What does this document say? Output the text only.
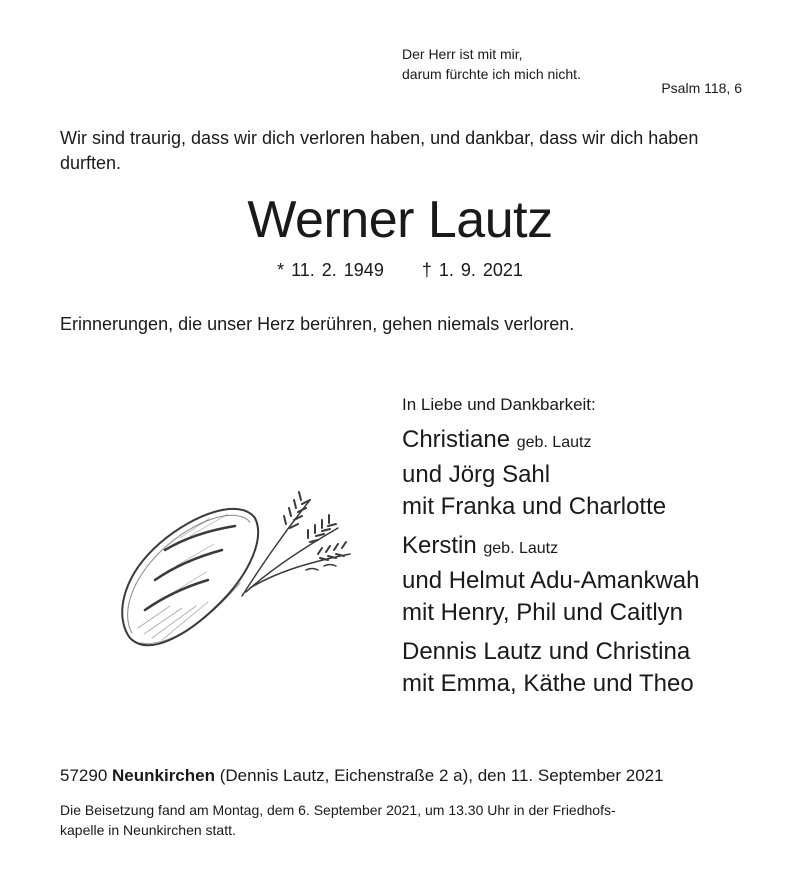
Der Herr ist mit mir,
darum fürchte ich mich nicht.
Psalm 118, 6
Wir sind traurig, dass wir dich verloren haben, und dankbar, dass wir dich haben durften.
Werner Lautz
* 11. 2. 1949 † 1. 9. 2021
Erinnerungen, die unser Herz berühren, gehen niemals verloren.
In Liebe und Dankbarkeit:
Christiane geb. Lautz
und Jörg Sahl
mit Franka und Charlotte
Kerstin geb. Lautz
und Helmut Adu-Amankwah
mit Henry, Phil und Caitlyn
Dennis Lautz und Christina
mit Emma, Käthe und Theo
57290 Neunkirchen (Dennis Lautz, Eichenstraße 2 a), den 11. September 2021
Die Beisetzung fand am Montag, dem 6. September 2021, um 13.30 Uhr in der Friedhofs-
kapelle in Neunkirchen statt.
